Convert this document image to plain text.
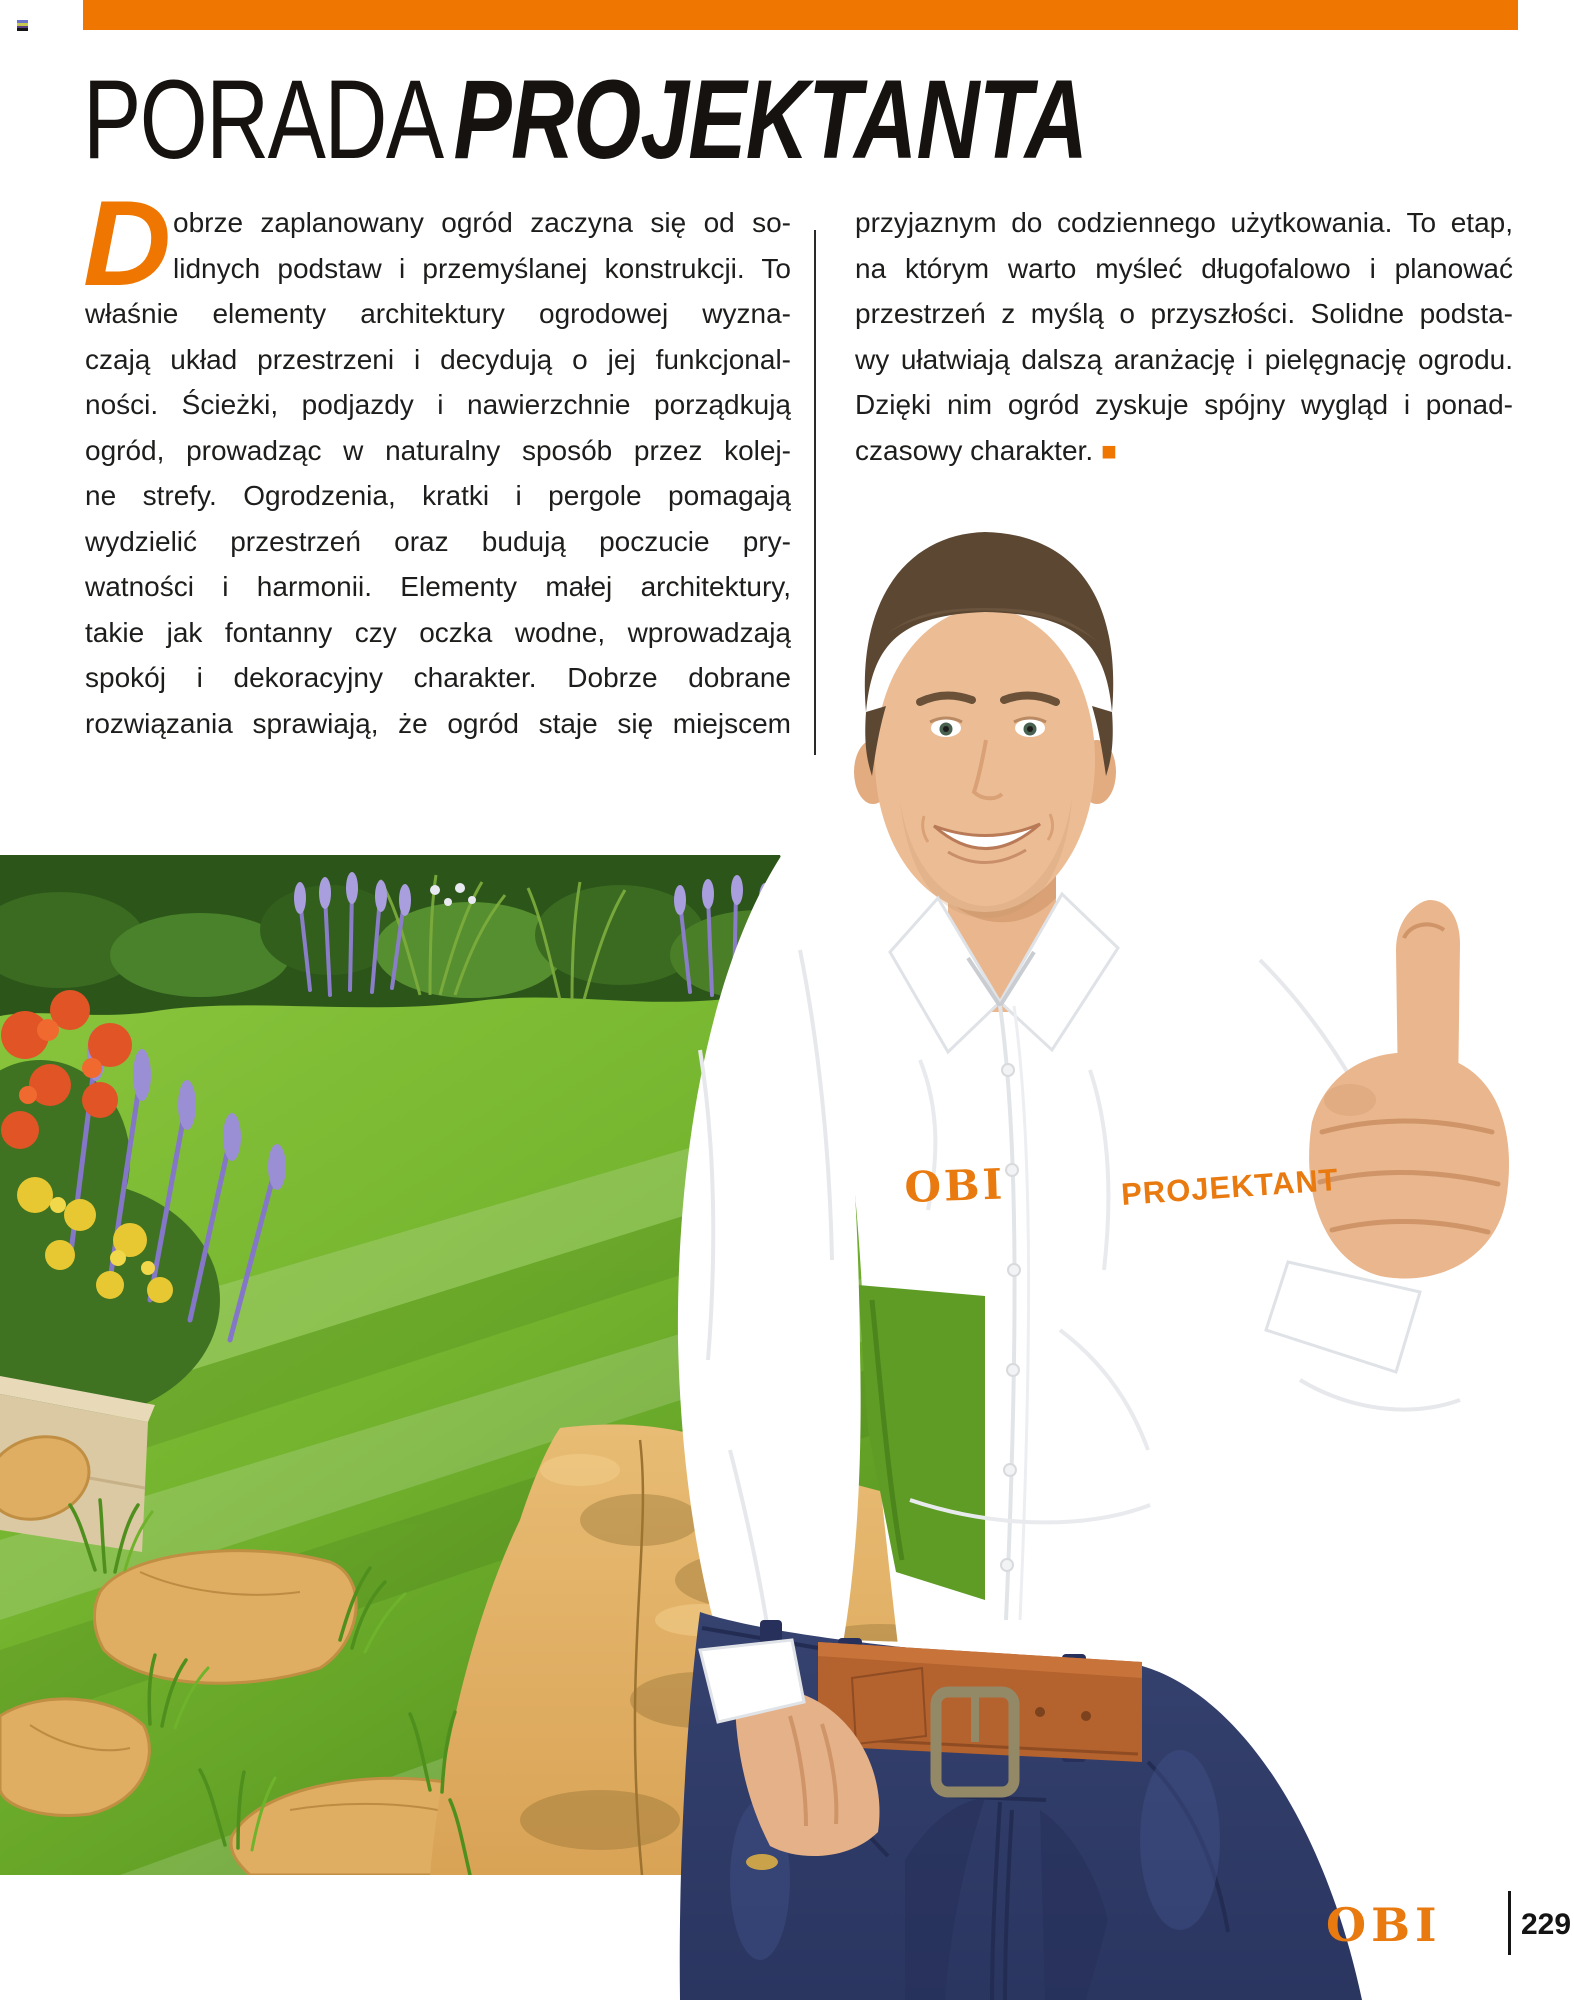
PORADAPROJEKTANTA
D obrze zaplanowany ogród zaczyna się od so-
lidnych podstaw i przemyślanej konstrukcji. To
właśnie elementy architektury ogrodowej wyzna-
czają układ przestrzeni i decydują o jej funkcjonal-
ności. Ścieżki, podjazdy i nawierzchnie porządkują
ogród, prowadząc w naturalny sposób przez kolej-
ne strefy. Ogrodzenia, kratki i pergole pomagają
wydzielić przestrzeń oraz budują poczucie pry-
watności i harmonii. Elementy małej architektury,
takie jak fontanny czy oczka wodne, wprowadzają
spokój i dekoracyjny charakter. Dobrze dobrane
rozwiązania sprawiają, że ogród staje się miejscem
przyjaznym do codziennego użytkowania. To etap,
na którym warto myśleć długofalowo i planować
przestrzeń z myślą o przyszłości. Solidne podsta-
wy ułatwiają dalszą aranżację i pielęgnację ogrodu.
Dzięki nim ogród zyskuje spójny wygląd i ponad-
czasowy charakter. ■
OBI	PROJEKTANT
OBI	229
